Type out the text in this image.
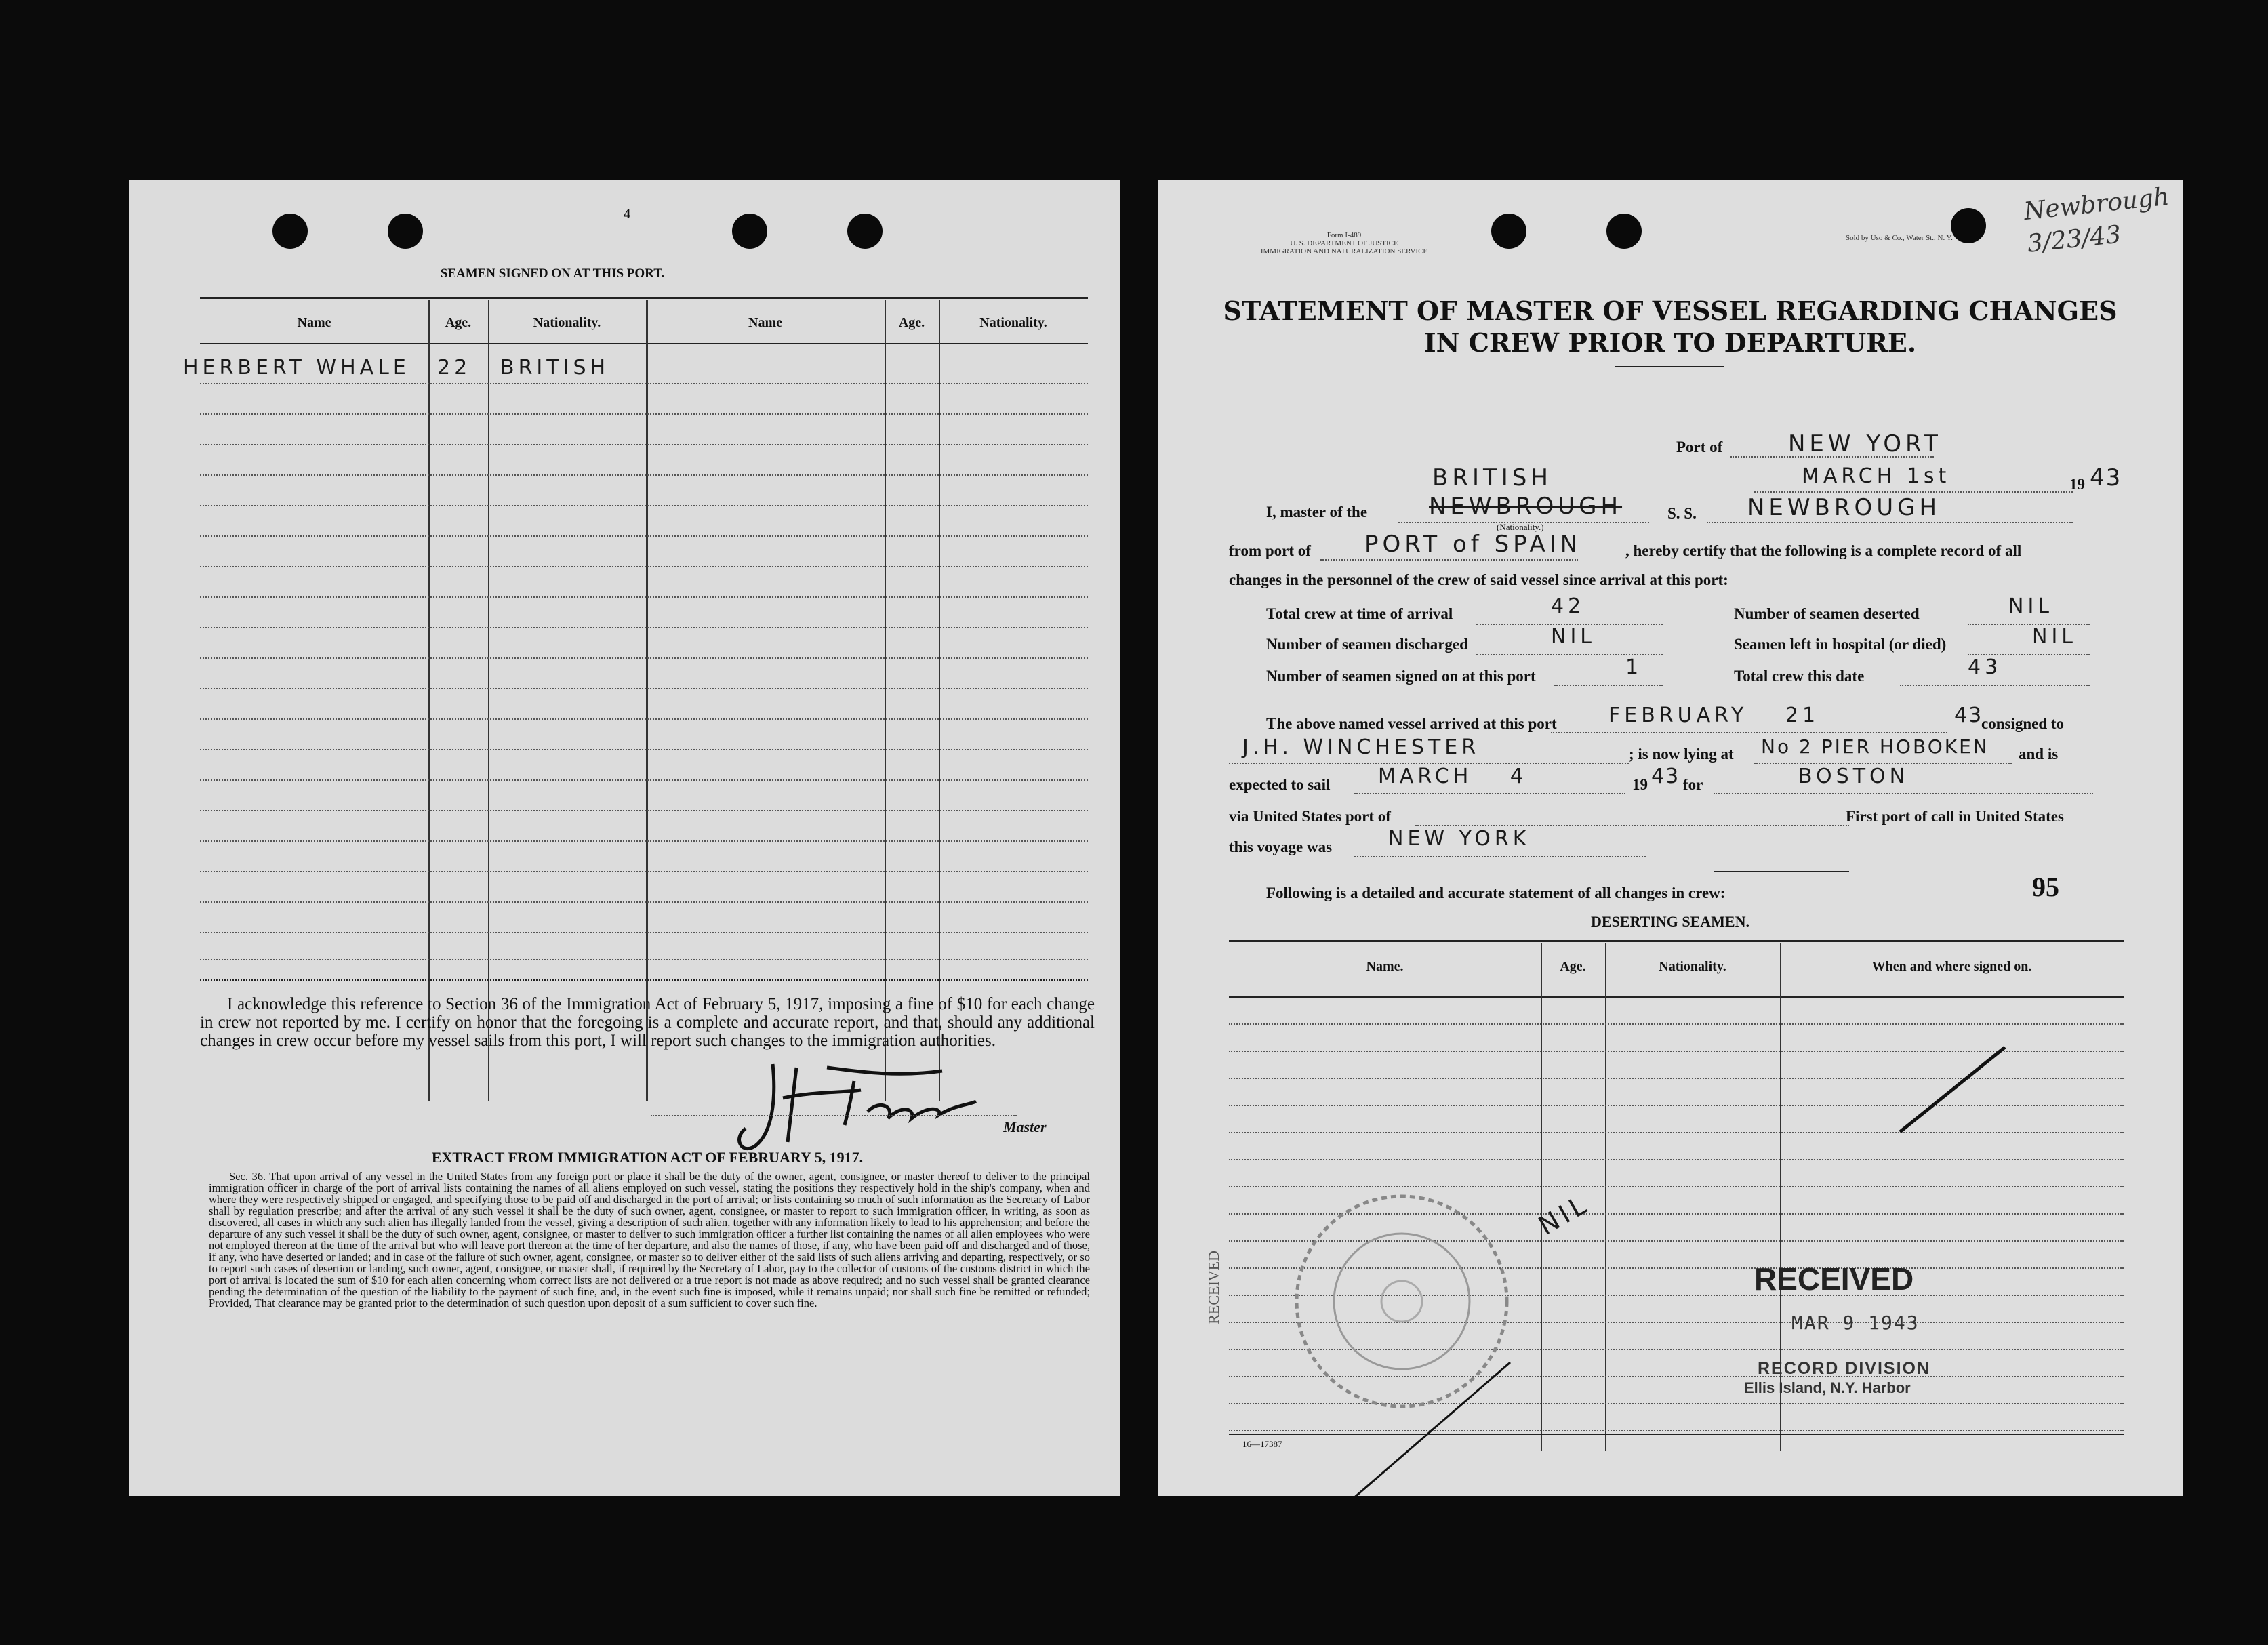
4
SEAMEN SIGNED ON AT THIS PORT.
Name	Age.	Nationality.	Name	Age.	Nationality.
HERBERT WHALE 22 BRITISH
I acknowledge this reference to Section 36 of the Immigration Act of February 5, 1917, imposing a fine of $10 for each change in crew not reported by me. I certify on honor that the foregoing is a complete and accurate report, and that, should any additional changes in crew occur before my vessel sails from this port, I will report such changes to the immigration authorities.
Master
EXTRACT FROM IMMIGRATION ACT OF FEBRUARY 5, 1917.
Sec. 36. That upon arrival of any vessel in the United States from any foreign port or place it shall be the duty of the owner, agent, consignee, or master thereof to deliver to the principal immigration officer in charge of the port of arrival lists containing the names of all aliens employed on such vessel, stating the positions they respectively hold in the ship's company, when and where they were respectively shipped or engaged, and specifying those to be paid off and discharged in the port of arrival; or lists containing so much of such information as the Secretary of Labor shall by regulation prescribe; and after the arrival of any such vessel it shall be the duty of such owner, agent, consignee, or master to report to such immigration officer, in writing, as soon as discovered, all cases in which any such alien has illegally landed from the vessel, giving a description of such alien, together with any information likely to lead to his apprehension; and before the departure of any such vessel it shall be the duty of such owner, agent, consignee, or master to deliver to such immigration officer a further list containing the names of all alien employees who were not employed thereon at the time of the arrival but who will leave port thereon at the time of her departure, and also the names of those, if any, who have been paid off and discharged and of those, if any, who have deserted or landed; and in case of the failure of such owner, agent, consignee, or master so to deliver either of the said lists of such aliens arriving and departing, respectively, or so to report such cases of desertion or landing, such owner, agent, consignee, or master shall, if required by the Secretary of Labor, pay to the collector of customs of the customs district in which the port of arrival is located the sum of $10 for each alien concerning whom correct lists are not delivered or a true report is not made as above required; and no such vessel shall be granted clearance pending the determination of the question of the liability to the payment of such fine, and, in the event such fine is imposed, while it remains unpaid; nor shall such fine be remitted or refunded; Provided, That clearance may be granted prior to the determination of such question upon deposit of a sum sufficient to cover such fine.
Form I-489
U. S. DEPARTMENT OF JUSTICE
IMMIGRATION AND NATURALIZATION SERVICE
Sold by Uso & Co., Water St., N. Y.
Newbrough 3/23/43
STATEMENT OF MASTER OF VESSEL REGARDING CHANGES
IN CREW PRIOR TO DEPARTURE.
Port of	NEW YORT
BRITISH	MARCH 1st	19 43
I, master of the	NEWBROUGH
(Nationality.)
S. S. NEWBROUGH
from port of PORT of SPAIN	, hereby certify that the following is a complete record of all
changes in the personnel of the crew of said vessel since arrival at this port:
Total crew at time of arrival	42	Number of seamen deserted	NIL
Number of seamen discharged	NIL	Seamen left in hospital (or died)	NIL
Number of seamen signed on at this port	1	Total crew this date	43
The above named vessel arrived at this port	FEBRUARY 21	43
consigned to
J.H. WINCHESTER	; is now lying at No 2 PIER HOBOKEN and is
expected to sail MARCH 4	19 43 for	BOSTON
via United States port of	First port of call in United States
this voyage was	NEW YORK
Following is a detailed and accurate statement of all changes in crew:	95
DESERTING SEAMEN.
Name.	Age.	Nationality.	When and where signed on.
NIL
RECEIVED	RECEIVED
MAR 9 1943
RECORD DIVISION
Ellis Island, N.Y. Harbor
16—17387
